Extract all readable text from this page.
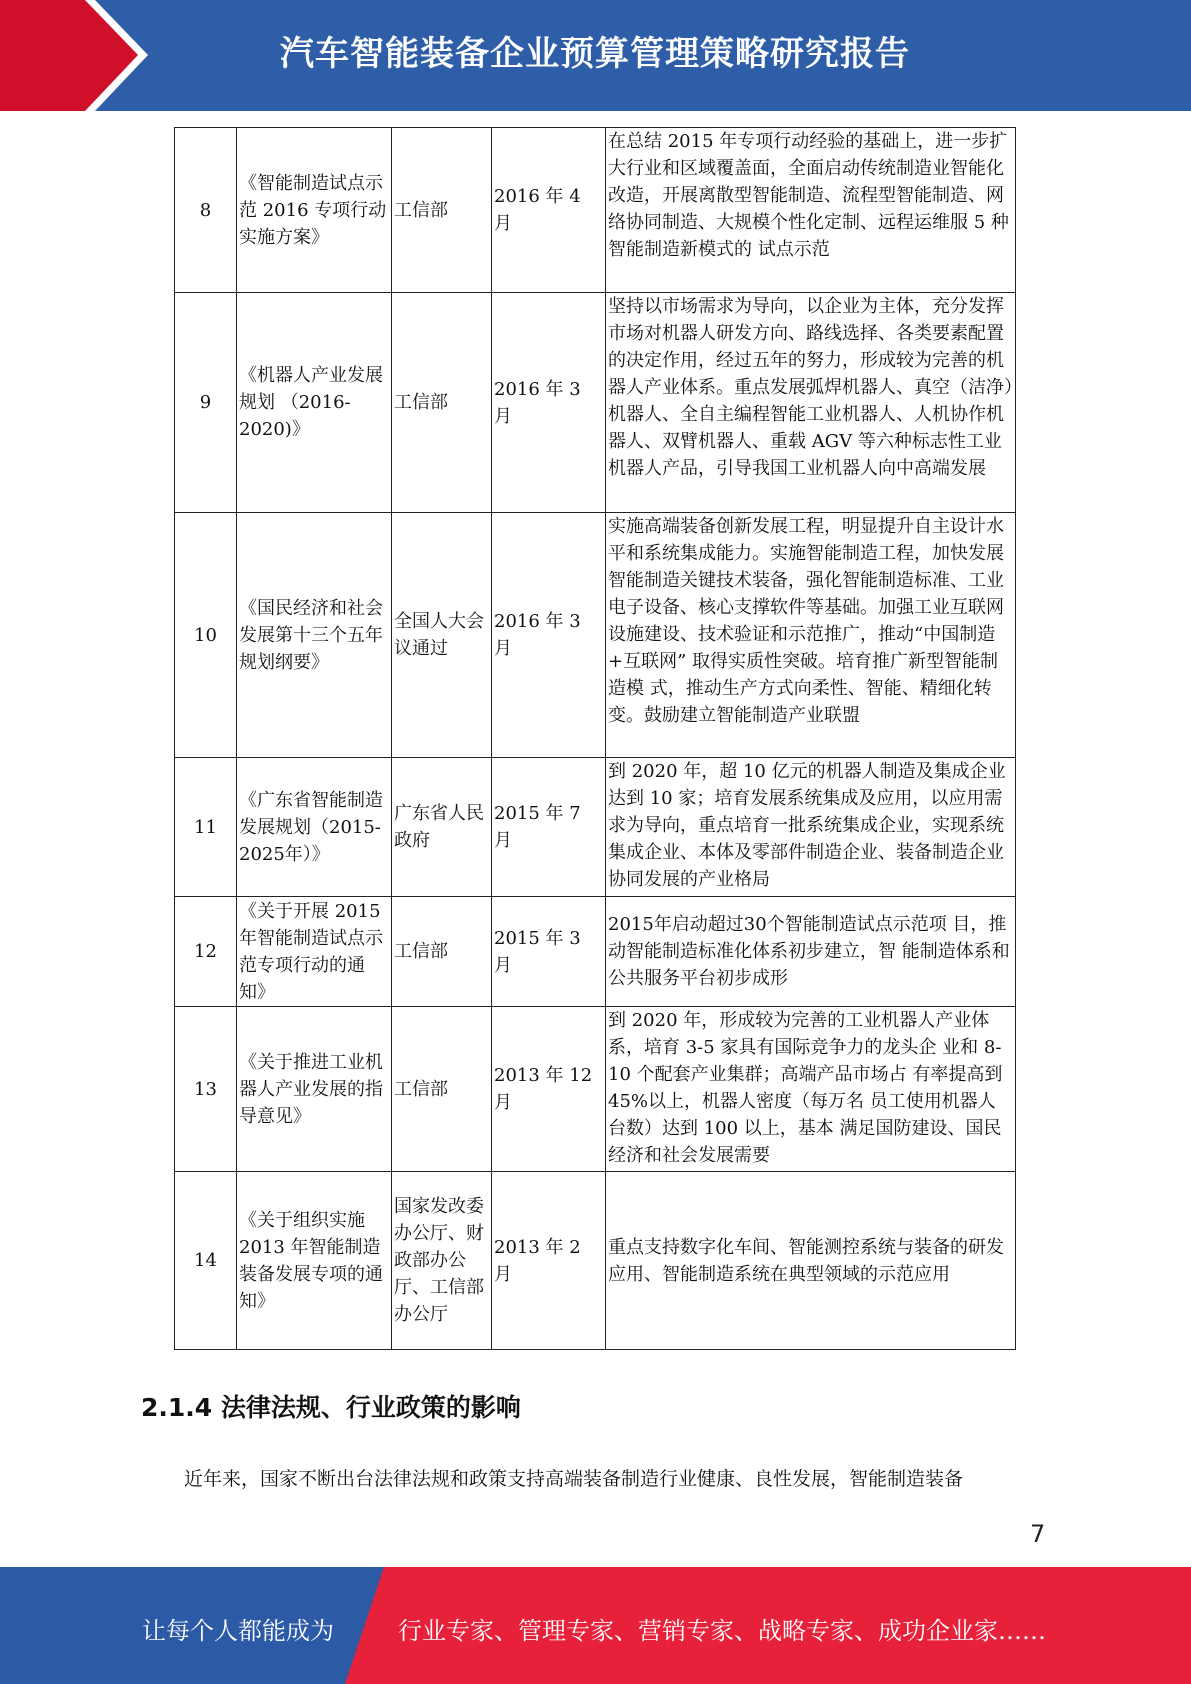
汽车智能装备企业预算管理策略研究报告
8	《智能制造试点示范 2016 专项行动实施方案》	工信部	2016 年 4 月	在总结 2015 年专项行动经验的基础上，进一步扩大行业和区域覆盖面，全面启动传统制造业智能化改造，开展离散型智能制造、流程型智能制造、网络协同制造、大规模个性化定制、远程运维服 5 种智能制造新模式的 试点示范
9	《机器人产业发展规划 （2016-2020)》	工信部	2016 年 3 月	坚持以市场需求为导向，以企业为主体，充分发挥市场对机器人研发方向、路线选择、各类要素配置的决定作用，经过五年的努力，形成较为完善的机器人产业体系。重点发展弧焊机器人、真空（洁净）机器人、全自主编程智能工业机器人、人机协作机器人、双臂机器人、重载 AGV 等六种标志性工业机器人产品，引导我国工业机器人向中高端发展
10	《国民经济和社会发展第十三个五年规划纲要》	全国人大会议通过	2016 年 3 月	实施高端装备创新发展工程，明显提升自主设计水平和系统集成能力。实施智能制造工程，加快发展智能制造关键技术装备，强化智能制造标准、工业电子设备、核心支撑软件等基础。加强工业互联网设施建设、技术验证和示范推广，推动“中国制造+互联网” 取得实质性突破。培育推广新型智能制造模 式，推动生产方式向柔性、智能、精细化转 变。鼓励建立智能制造产业联盟
11	《广东省智能制造发展规划（2015-2025年）》	广东省人民政府	2015 年 7 月	到 2020 年，超 10 亿元的机器人制造及集成企业达到 10 家；培育发展系统集成及应用，以应用需求为导向，重点培育一批系统集成企业，实现系统集成企业、本体及零部件制造企业、装备制造企业协同发展的产业格局
12	《关于开展 2015 年智能制造试点示范专项行动的通知》	工信部	2015 年 3 月	2015年启动超过30个智能制造试点示范项 目，推动智能制造标准化体系初步建立，智 能制造体系和公共服务平台初步成形
13	《关于推进工业机器人产业发展的指导意见》	工信部	2013 年 12 月	到 2020 年，形成较为完善的工业机器人产业体系，培育 3-5 家具有国际竞争力的龙头企 业和 8-10 个配套产业集群；高端产品市场占 有率提高到 45%以上，机器人密度（每万名 员工使用机器人台数）达到 100 以上，基本 满足国防建设、国民经济和社会发展需要
14	《关于组织实施 2013 年智能制造装备发展专项的通知》	国家发改委办公厅、财政部办公厅、工信部办公厅	2013 年 2 月	重点支持数字化车间、智能测控系统与装备的研发应用、智能制造系统在典型领域的示范应用
2.1.4 法律法规、行业政策的影响
近年来，国家不断出台法律法规和政策支持高端装备制造行业健康、良性发展，智能制造装备
7
让每个人都能成为	行业专家、管理专家、营销专家、战略专家、成功企业家……
